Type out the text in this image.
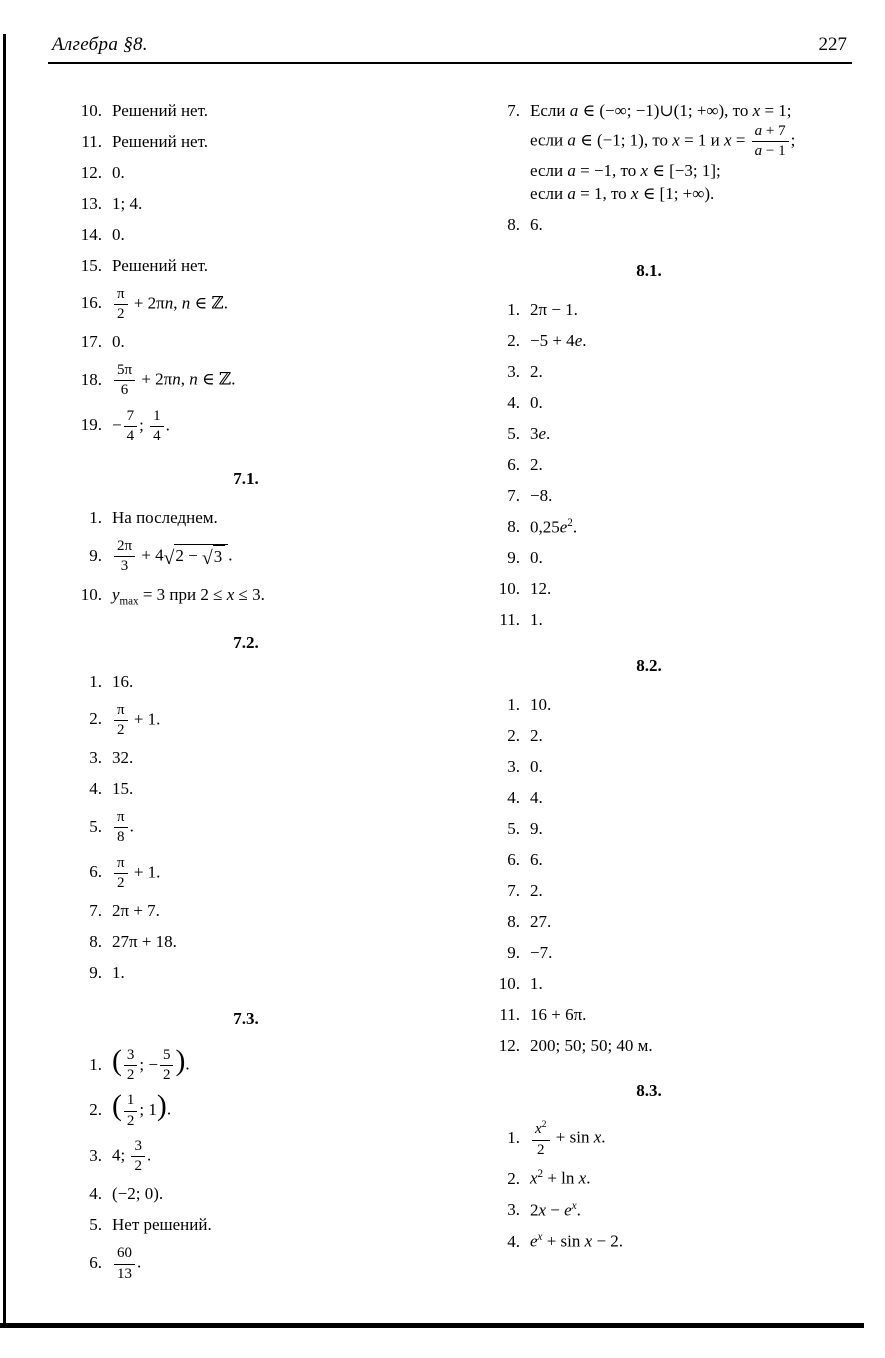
Алгебра §8.	227
10. Решений нет.
11. Решений нет.
12. 0.
13. 1; 4.
14. 0.
15. Решений нет.
16. $\frac{\pi}{2} + 2\pi n$, n ∈ ℤ.
17. 0.
18. $\frac{5\pi}{6} + 2\pi n$, n ∈ ℤ.
19. − $\frac{7}{4}$ ; $\frac{1}{4}$ .
7.1.
1. На последнем.
9. $\frac{2\pi}{3} + 4$ √ 2 − √ 3 .
10. $y_{max} = 3$ при 2 ≤ x ≤ 3.
7.2.
1. 16.
2. $\frac{\pi}{2} + 1$.
3. 32.
4. 15.
5. $\frac{\pi}{8}$ .
6. $\frac{\pi}{2} + 1$.
7. 2π + 7.
8. 27π + 18.
9. 1.
7.3.
1. ( $\frac{3}{2}$ ; − $\frac{5}{2}$ ).
2. ( $\frac{1}{2}$ ; 1).
3. 4; $\frac{3}{2}$ .
4. (−2; 0).
5. Нет решений.
6. $\frac{60}{13}$ .
7. Если a ∈ (−∞; −1)∪(1; +∞), то x = 1;
если a ∈ (−1; 1), то x = 1 и $x = \frac{a + 7}{a - 1}$ ;
если a = −1, то x ∈ [−3; 1];
если a = 1, то x ∈ [1; +∞).
8. 6.
8.1.
1. 2π − 1.
2. −5 + 4e.
3. 2.
4. 0.
5. 3e.
6. 2.
7. −8.
8. $0,25e^2$.
9. 0.
10. 12.
11. 1.
8.2.
1. 10.
2. 2.
3. 0.
4. 4.
5. 9.
6. 6.
7. 2.
8. 27.
9. −7.
10. 1.
11. 16 + 6π.
12. 200; 50; 50; 40 м.
8.3.
1. $\frac{x^2}{2} + \sin x$.
2. $x^2 + \ln x$.
3. $2x - e^x$.
4. $e^x + \sin x - 2$.
